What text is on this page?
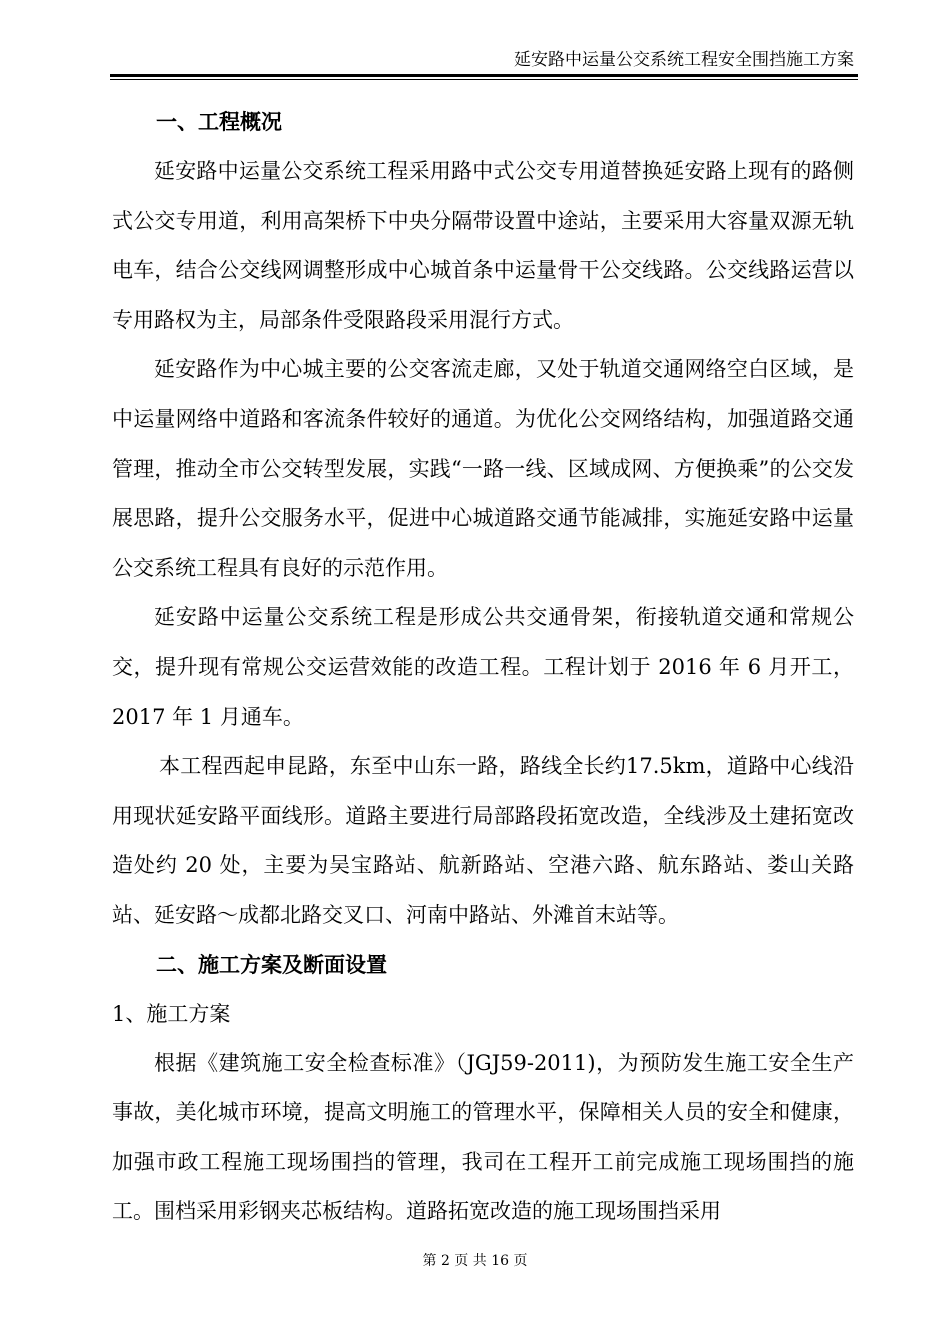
延安路中运量公交系统工程安全围挡施工方案
一、工程概况

延安路中运量公交系统工程采用路中式公交专用道替换延安路上现有的路侧式公交专用道，利用高架桥下中央分隔带设置中途站，主要采用大容量双源无轨电车，结合公交线网调整形成中心城首条中运量骨干公交线路。公交线路运营以专用路权为主，局部条件受限路段采用混行方式。

延安路作为中心城主要的公交客流走廊，又处于轨道交通网络空白区域，是中运量网络中道路和客流条件较好的通道。为优化公交网络结构，加强道路交通管理，推动全市公交转型发展，实践“一路一线、区域成网、方便换乘”的公交发展思路，提升公交服务水平，促进中心城道路交通节能减排，实施延安路中运量公交系统工程具有良好的示范作用。

延安路中运量公交系统工程是形成公共交通骨架，衔接轨道交通和常规公交，提升现有常规公交运营效能的改造工程。工程计划于 2016 年 6 月开工，2017 年 1 月通车。

本工程西起申昆路，东至中山东一路，路线全长约17.5km，道路中心线沿用现状延安路平面线形。道路主要进行局部路段拓宽改造，全线涉及土建拓宽改造处约 20 处，主要为吴宝路站、航新路站、空港六路、航东路站、娄山关路站、延安路～成都北路交叉口、河南中路站、外滩首末站等。

二、施工方案及断面设置
1、施工方案

根据《建筑施工安全检查标准》（JGJ59-2011)，为预防发生施工安全生产事故，美化城市环境，提高文明施工的管理水平，保障相关人员的安全和健康，加强市政工程施工现场围挡的管理，我司在工程开工前完成施工现场围挡的施工。围档采用彩钢夹芯板结构。道路拓宽改造的施工现场围挡采用

第 2 页 共 16 页
